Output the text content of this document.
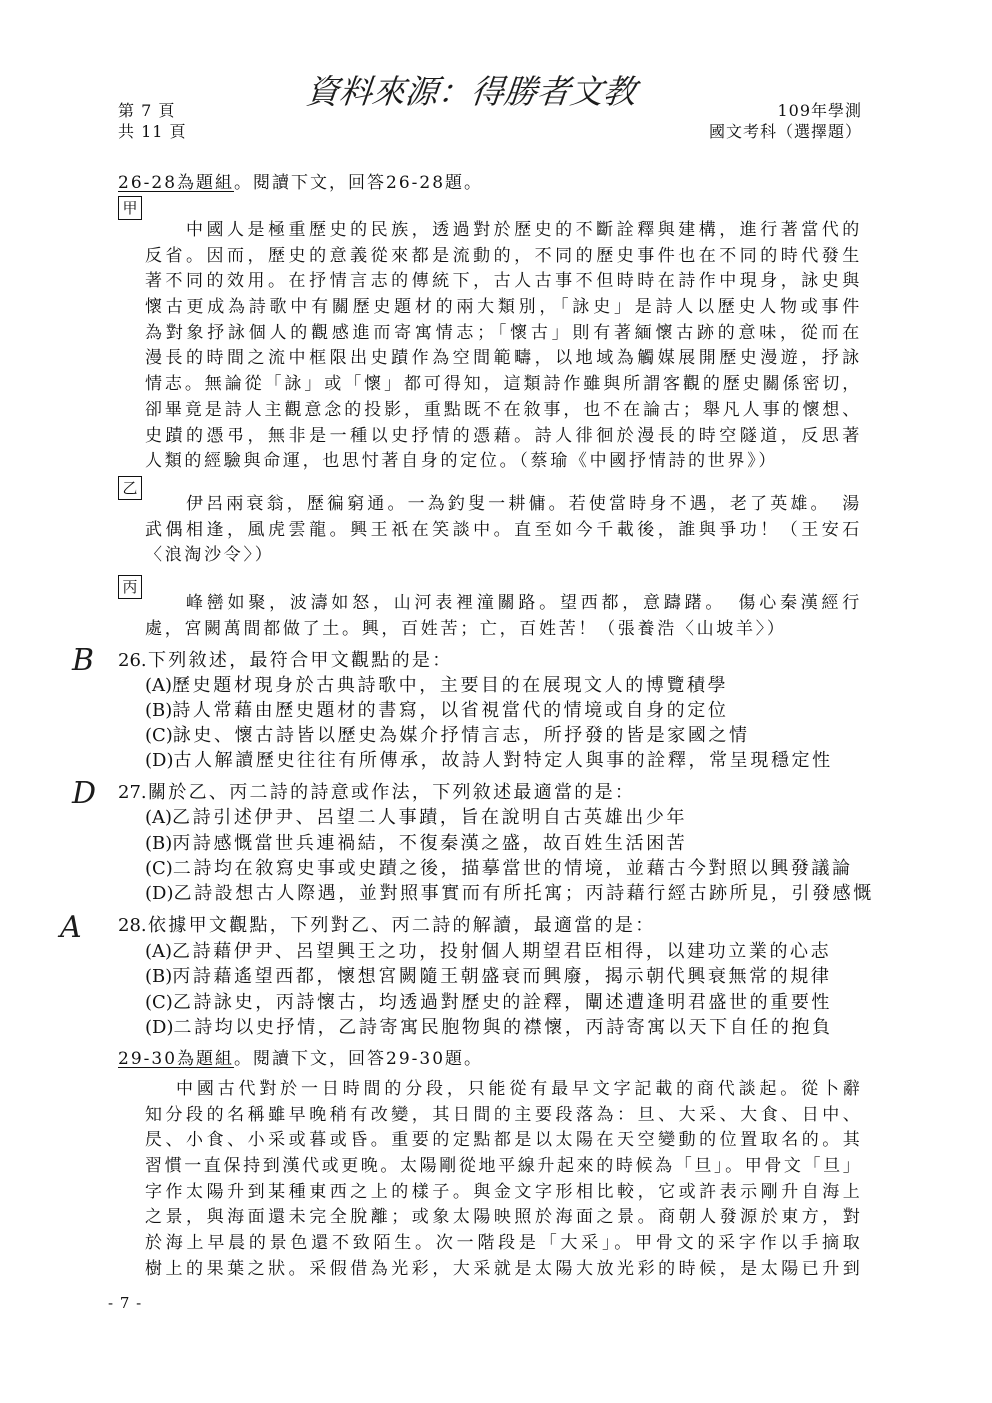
第 7 頁
共 11 頁
資料來源：得勝者文教	109年學測
國文考科（選擇題）
26-28為題組。閱讀下文，回答26-28題。
甲
中國人是極重歷史的民族，透過對於歷史的不斷詮釋與建構，進行著當代的
反省。因而，歷史的意義從來都是流動的，不同的歷史事件也在不同的時代發生
著不同的效用。在抒情言志的傳統下，古人古事不但時時在詩作中現身，詠史與
懷古更成為詩歌中有關歷史題材的兩大類別，「詠史」是詩人以歷史人物或事件
為對象抒詠個人的觀感進而寄寓情志；「懷古」則有著緬懷古跡的意味，從而在
漫長的時間之流中框限出史蹟作為空間範疇，以地域為觸媒展開歷史漫遊，抒詠
情志。無論從「詠」或「懷」都可得知，這類詩作雖與所謂客觀的歷史關係密切，
卻畢竟是詩人主觀意念的投影，重點既不在敘事，也不在論古；舉凡人事的懷想、
史蹟的憑弔，無非是一種以史抒情的憑藉。詩人徘徊於漫長的時空隧道，反思著
人類的經驗與命運，也思忖著自身的定位。（蔡瑜《中國抒情詩的世界》）
乙
伊呂兩衰翁，歷徧窮通。一為釣叟一耕傭。若使當時身不遇，老了英雄。　湯
武偶相逢，風虎雲龍。興王祇在笑談中。直至如今千載後，誰與爭功！（王安石
〈浪淘沙令〉）
丙
峰巒如聚，波濤如怒，山河表裡潼關路。望西都，意躊躇。　傷心秦漢經行
處，宮闕萬間都做了土。興，百姓苦；亡，百姓苦！（張養浩〈山坡羊〉）
B 26.下列敘述，最符合甲文觀點的是：
(A)歷史題材現身於古典詩歌中，主要目的在展現文人的博覽積學
(B)詩人常藉由歷史題材的書寫，以省視當代的情境或自身的定位
(C)詠史、懷古詩皆以歷史為媒介抒情言志，所抒發的皆是家國之情
(D)古人解讀歷史往往有所傳承，故詩人對特定人與事的詮釋，常呈現穩定性
D 27.關於乙、丙二詩的詩意或作法，下列敘述最適當的是：
(A)乙詩引述伊尹、呂望二人事蹟，旨在說明自古英雄出少年
(B)丙詩感慨當世兵連禍結，不復秦漢之盛，故百姓生活困苦
(C)二詩均在敘寫史事或史蹟之後，描摹當世的情境，並藉古今對照以興發議論
(D)乙詩設想古人際遇，並對照事實而有所托寓；丙詩藉行經古跡所見，引發感慨
A 28.依據甲文觀點，下列對乙、丙二詩的解讀，最適當的是：
(A)乙詩藉伊尹、呂望興王之功，投射個人期望君臣相得，以建功立業的心志
(B)丙詩藉遙望西都，懷想宮闕隨王朝盛衰而興廢，揭示朝代興衰無常的規律
(C)乙詩詠史，丙詩懷古，均透過對歷史的詮釋，闡述遭逢明君盛世的重要性
(D)二詩均以史抒情，乙詩寄寓民胞物與的襟懷，丙詩寄寓以天下自任的抱負
29-30為題組。閱讀下文，回答29-30題。
中國古代對於一日時間的分段，只能從有最早文字記載的商代談起。從卜辭
知分段的名稱雖早晚稍有改變，其日間的主要段落為：旦、大采、大食、日中、
昃、小食、小采或暮或昏。重要的定點都是以太陽在天空變動的位置取名的。其
習慣一直保持到漢代或更晚。太陽剛從地平線升起來的時候為「旦」。甲骨文「旦」
字作太陽升到某種東西之上的樣子。與金文字形相比較，它或許表示剛升自海上
之景，與海面還未完全脫離；或象太陽映照於海面之景。商朝人發源於東方，對
於海上早晨的景色還不致陌生。次一階段是「大采」。甲骨文的采字作以手摘取
樹上的果葉之狀。采假借為光彩，大采就是太陽大放光彩的時候，是太陽已升到
- 7 -
